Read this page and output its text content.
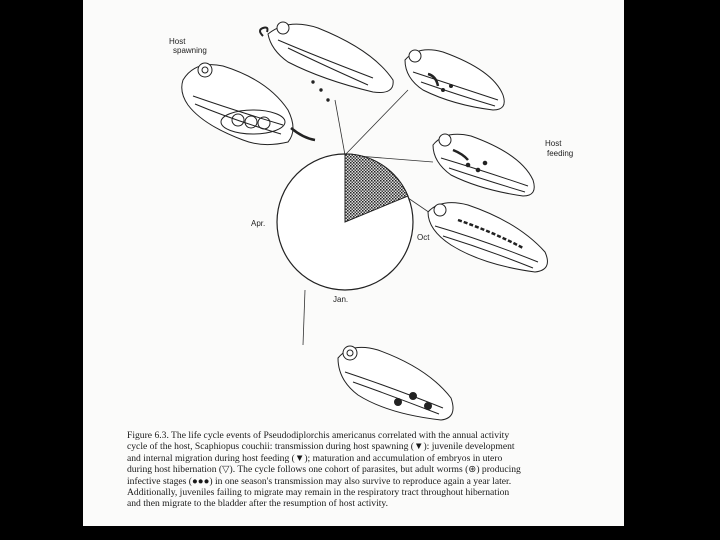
Host
spawning
Host
feeding
Apr.
Oct
Jan.
Figure 6.3. The life cycle events of Pseudodiplorchis americanus correlated with the annual activity
cycle of the host, Scaphiopus couchii: transmission during host spawning (▼): juvenile development
and internal migration during host feeding (▼); maturation and accumulation of embryos in utero
during host hibernation (▽). The cycle follows one cohort of parasites, but adult worms (⊛) producing
infective stages (●●●) in one season's transmission may also survive to reproduce again a year later.
Additionally, juveniles failing to migrate may remain in the respiratory tract throughout hibernation
and then migrate to the bladder after the resumption of host activity.
